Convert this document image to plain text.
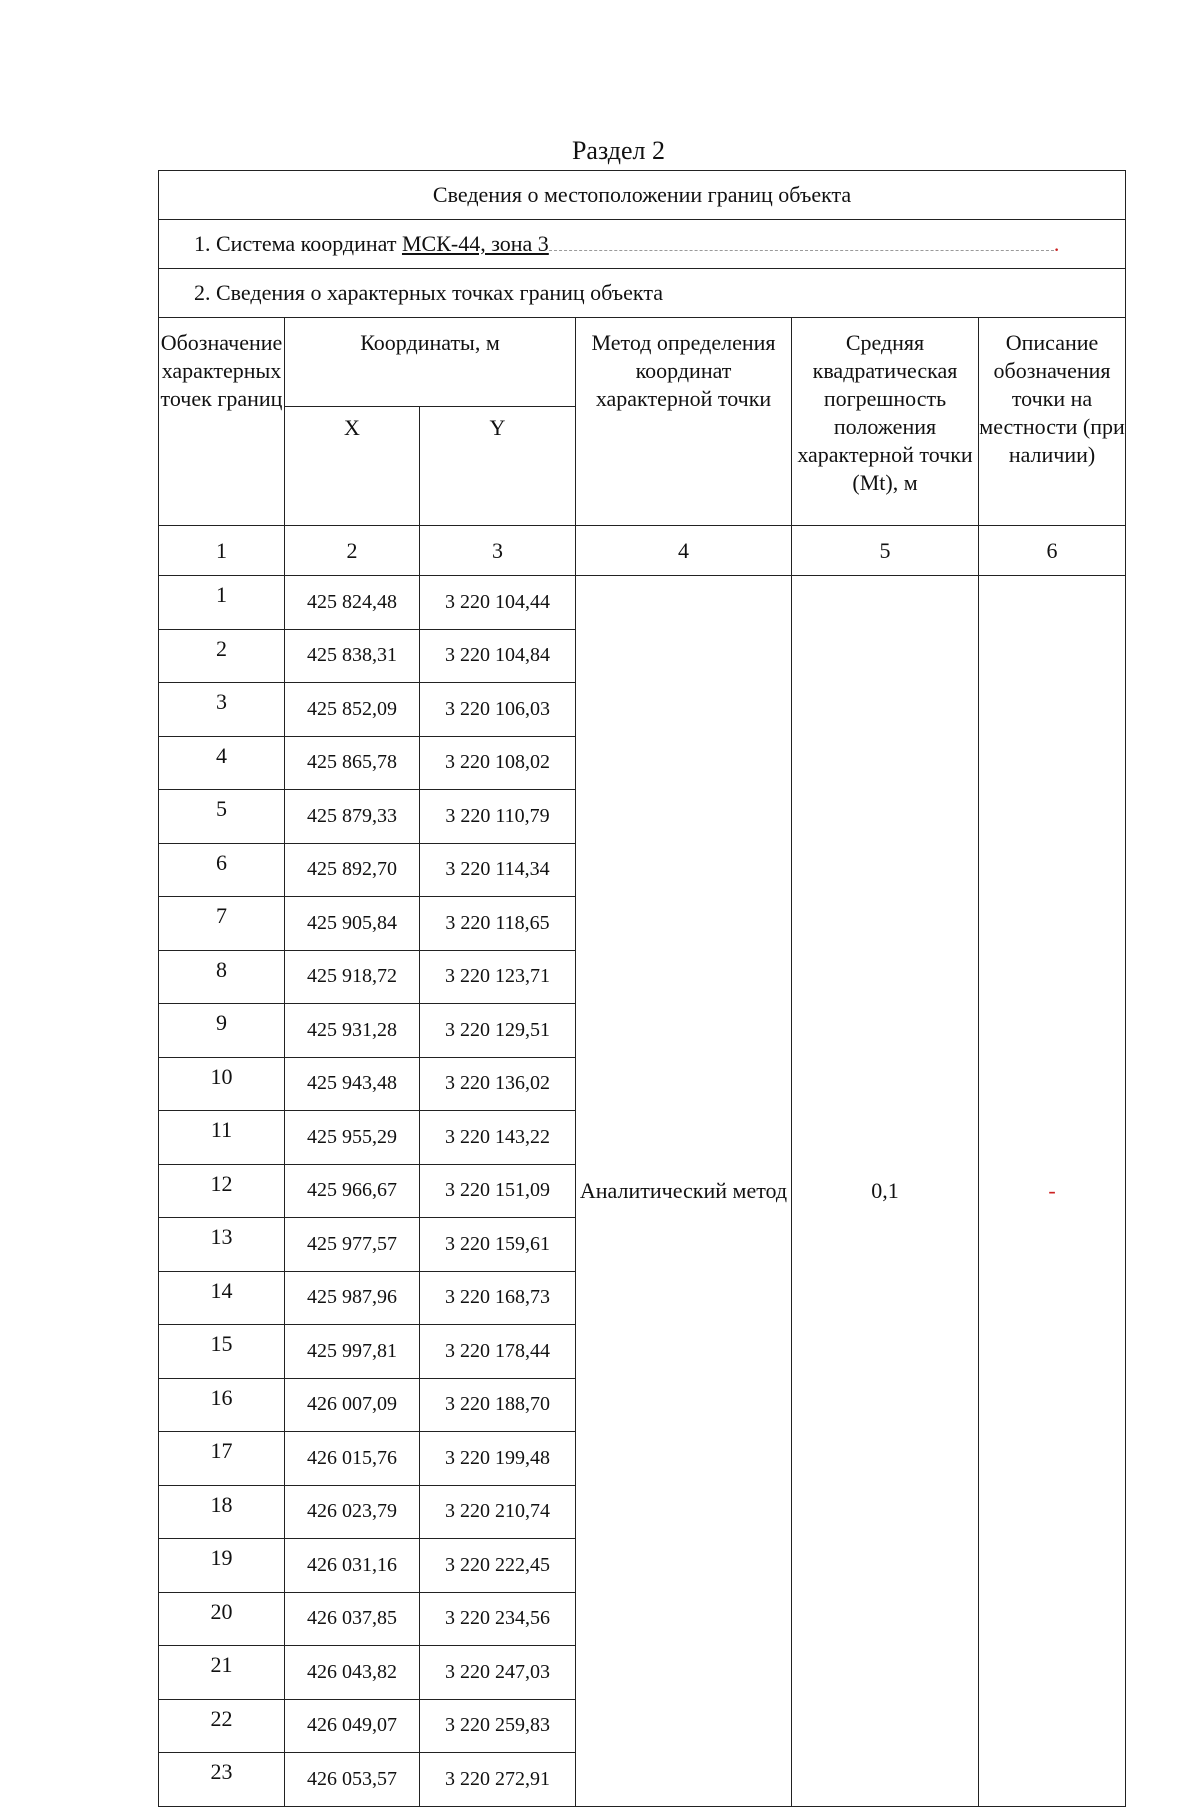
Раздел 2
Сведения о местоположении границ объекта					
1. Система координат МСК-44, зона 3 .					
2. Сведения о характерных точках границ объекта					
Обозначение характерных точек границ	Координаты, м		Метод определения координат характерной точки	Средняя квадратическая погрешность положения характерной точки (Mt), м	Описание обозначения точки на местности (при наличии)
	X	Y			
1	2	3	4	5	6
1	425 824,48	3 220 104,44	Аналитический метод	0,1	-
2	425 838,31	3 220 104,84			
3	425 852,09	3 220 106,03			
4	425 865,78	3 220 108,02			
5	425 879,33	3 220 110,79			
6	425 892,70	3 220 114,34			
7	425 905,84	3 220 118,65			
8	425 918,72	3 220 123,71			
9	425 931,28	3 220 129,51			
10	425 943,48	3 220 136,02			
11	425 955,29	3 220 143,22			
12	425 966,67	3 220 151,09			
13	425 977,57	3 220 159,61			
14	425 987,96	3 220 168,73			
15	425 997,81	3 220 178,44			
16	426 007,09	3 220 188,70			
17	426 015,76	3 220 199,48			
18	426 023,79	3 220 210,74			
19	426 031,16	3 220 222,45			
20	426 037,85	3 220 234,56			
21	426 043,82	3 220 247,03			
22	426 049,07	3 220 259,83			
23	426 053,57	3 220 272,91			
